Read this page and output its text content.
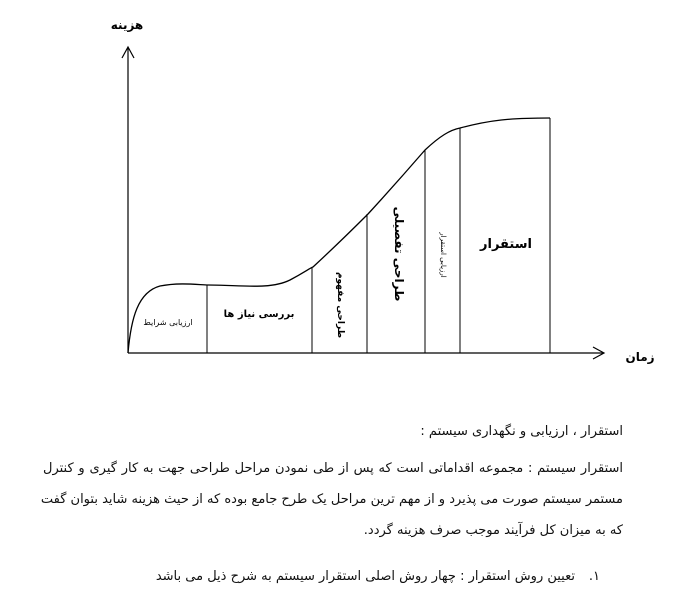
هزینه
زمان
ارزیابی شرایط
بررسی نیاز ها	طراحی مفهوم
طراحی تفصیلی	ارزیابی استقرار	استقرار
استقرار ، ارزیابی و نگهداری سیستم :
استقرار سیستم : مجموعه اقداماتی است که پس از طی نمودن مراحل طراحی جهت به کار گیری و کنترل
مستمر سیستم صورت می پذیرد و از مهم ترین مراحل یک طرح جامع بوده که از حیث هزینه شاید بتوان گفت
که به میزان کل فرآیند موجب صرف هزینه گردد.
۱.
تعیین روش استقرار : چهار روش اصلی استقرار سیستم به شرح ذیل می باشد
